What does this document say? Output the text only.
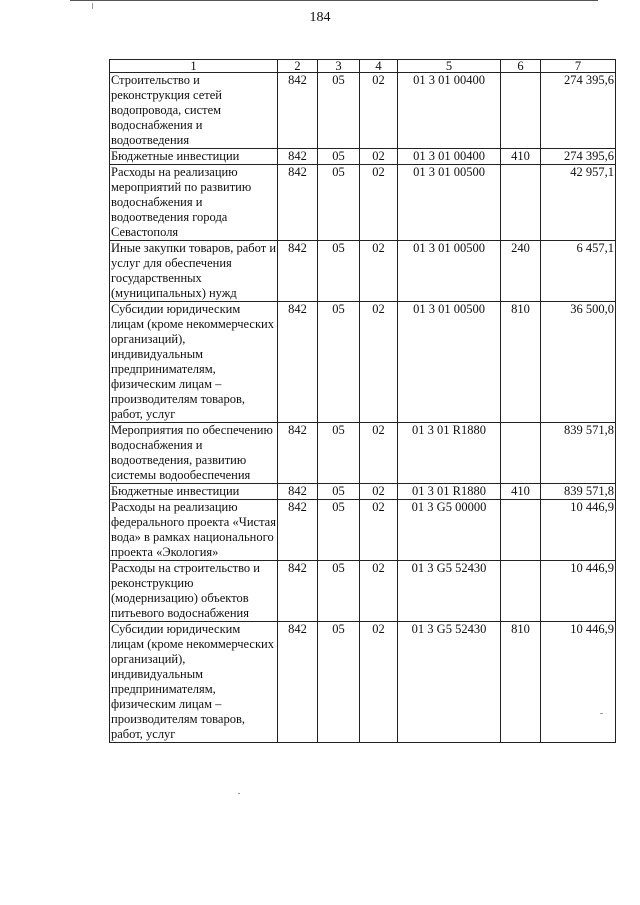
184
1	2	3	4	5	6	7
Строительство и реконструкция сетей водопровода, систем водоснабжения и водоотведения	842	05	02	01 3 01 00400		274 395,6
Бюджетные инвестиции	842	05	02	01 3 01 00400	410	274 395,6
Расходы на реализацию мероприятий по развитию водоснабжения и водоотведения города Севастополя	842	05	02	01 3 01 00500		42 957,1
Иные закупки товаров, работ и услуг для обеспечения государственных (муниципальных) нужд	842	05	02	01 3 01 00500	240	6 457,1
Субсидии юридическим лицам (кроме некоммерческих организаций), индивидуальным предпринимателям, физическим лицам – производителям товаров, работ, услуг	842	05	02	01 3 01 00500	810	36 500,0
Мероприятия по обеспечению водоснабжения и водоотведения, развитию системы водообеспечения	842	05	02	01 3 01 R1880		839 571,8
Бюджетные инвестиции	842	05	02	01 3 01 R1880	410	839 571,8
Расходы на реализацию федерального проекта «Чистая вода» в рамках национального проекта «Экология»	842	05	02	01 3 G5 00000		10 446,9
Расходы на строительство и реконструкцию (модернизацию) объектов питьевого водоснабжения	842	05	02	01 3 G5 52430		10 446,9
Субсидии юридическим лицам (кроме некоммерческих организаций), индивидуальным предпринимателям, физическим лицам – производителям товаров, работ, услуг	842	05	02	01 3 G5 52430	810	10 446,9
